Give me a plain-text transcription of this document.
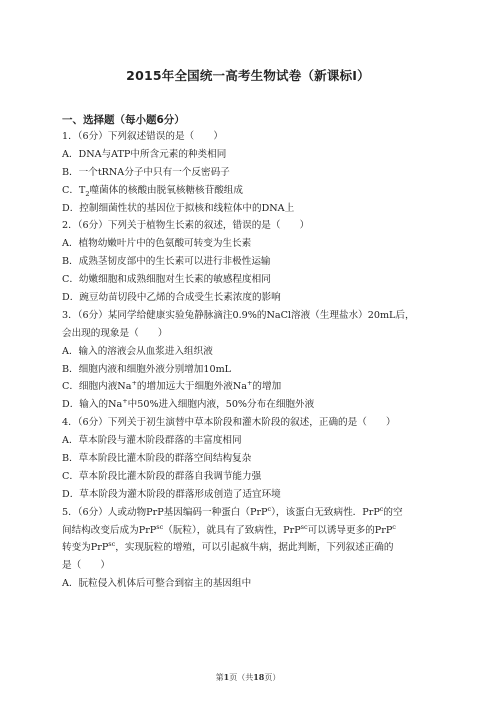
2015年全国统一高考生物试卷（新课标Ⅰ）
一、选择题（每小题6分）
1．（6分）下列叙述错误的是（　　）
A．DNA与ATP中所含元素的种类相同
B．一个tRNA分子中只有一个反密码子
C．$T_2$噬菌体的核酸由脱氧核糖核苷酸组成
D．控制细菌性状的基因位于拟核和线粒体中的DNA上
2．（6分）下列关于植物生长素的叙述，错误的是（　　）
A．植物幼嫩叶片中的色氨酸可转变为生长素
B．成熟茎韧皮部中的生长素可以进行非极性运输
C．幼嫩细胞和成熟细胞对生长素的敏感程度相同
D．豌豆幼苗切段中乙烯的合成受生长素浓度的影响
3．（6分）某同学给健康实验兔静脉滴注0.9%的NaCl溶液（生理盐水）20mL后，
会出现的现象是（　　）
A．输入的溶液会从血浆进入组织液
B．细胞内液和细胞外液分别增加10mL
C．细胞内液Na+的增加远大于细胞外液Na+的增加
D．输入的Na+中50%进入细胞内液，50%分布在细胞外液
4．（6分）下列关于初生演替中草本阶段和灌木阶段的叙述，正确的是（　　）
A．草本阶段与灌木阶段群落的丰富度相同
B．草本阶段比灌木阶段的群落空间结构复杂
C．草本阶段比灌木阶段的群落自我调节能力强
D．草本阶段为灌木阶段的群落形成创造了适宜环境
5．（6分）人或动物PrP基因编码一种蛋白（PrP$^c$），该蛋白无致病性．PrP$^c$的空
间结构改变后成为PrP$^{sc}$（朊粒），就具有了致病性，PrP$^{sc}$可以诱导更多的PrP$^c$
转变为PrP$^{sc}$，实现朊粒的增殖，可以引起疯牛病，据此判断，下列叙述正确的
是（　　）
A．朊粒侵入机体后可整合到宿主的基因组中
第1页（共18页）
